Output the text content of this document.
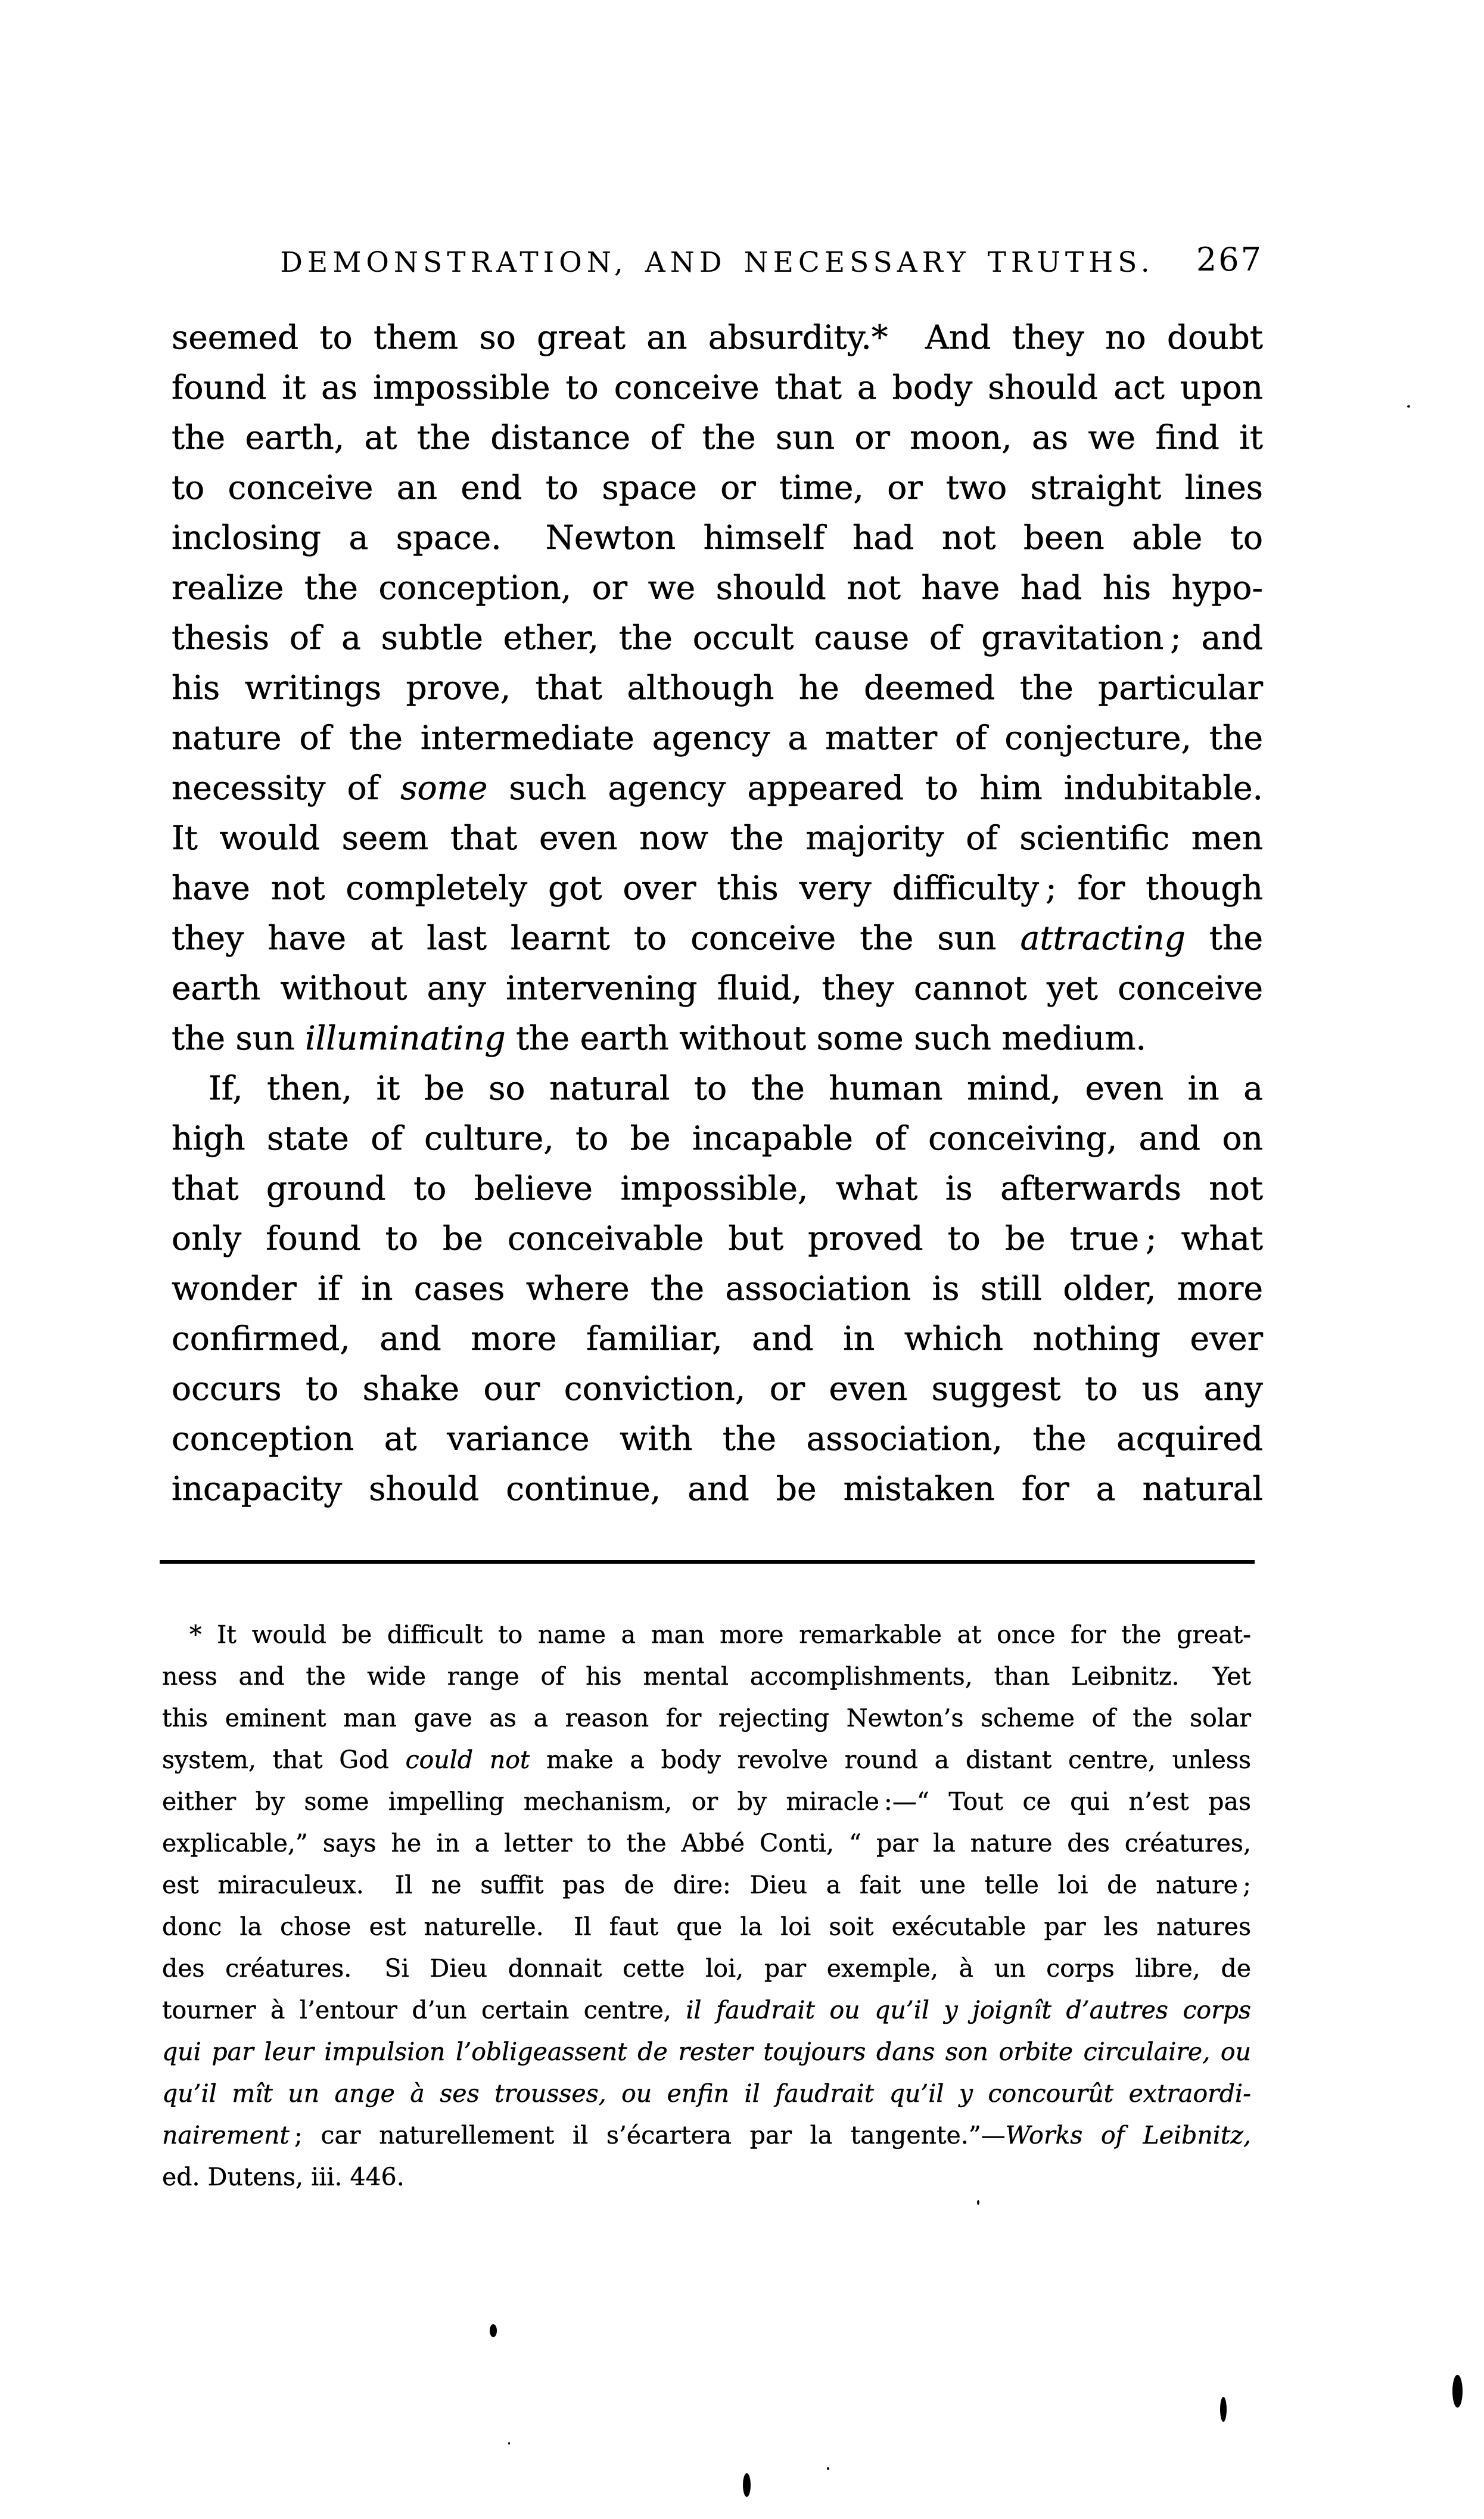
DEMONSTRATION, AND NECESSARY TRUTHS.	267
seemed to them so great an absurdity.*  And they no doubt
found it as impossible to conceive that a body should act upon
the earth, at the distance of the sun or moon, as we find it
to conceive an end to space or time, or two straight lines
inclosing a space.  Newton himself had not been able to
realize the conception, or we should not have had his hypo-
thesis of a subtle ether, the occult cause of gravitation ; and
his writings prove, that although he deemed the particular
nature of the intermediate agency a matter of conjecture, the
necessity of some such agency appeared to him indubitable.
It would seem that even now the majority of scientific men
have not completely got over this very difficulty ; for though
they have at last learnt to conceive the sun attracting the
earth without any intervening fluid, they cannot yet conceive
the sun illuminating the earth without some such medium.
If, then, it be so natural to the human mind, even in a
high state of culture, to be incapable of conceiving, and on
that ground to believe impossible, what is afterwards not
only found to be conceivable but proved to be true ; what
wonder if in cases where the association is still older, more
confirmed, and more familiar, and in which nothing ever
occurs to shake our conviction, or even suggest to us any
conception at variance with the association, the acquired
incapacity should continue, and be mistaken for a natural
* It would be difficult to name a man more remarkable at once for the great-
ness and the wide range of his mental accomplishments, than Leibnitz.  Yet
this eminent man gave as a reason for rejecting Newton’s scheme of the solar
system, that God could not make a body revolve round a distant centre, unless
either by some impelling mechanism, or by miracle :—“ Tout ce qui n’est pas
explicable,” says he in a letter to the Abbé Conti, “ par la nature des créatures,
est miraculeux.  Il ne suffit pas de dire: Dieu a fait une telle loi de nature ;
donc la chose est naturelle.  Il faut que la loi soit exécutable par les natures
des créatures.  Si Dieu donnait cette loi, par exemple, à un corps libre, de
tourner à l’entour d’un certain centre, il faudrait ou qu’il y joignît d’autres corps
qui par leur impulsion l’obligeassent de rester toujours dans son orbite circulaire, ou
qu’il mît un ange à ses trousses, ou enfin il faudrait qu’il y concourût extraordi-
nairement ; car naturellement il s’écartera par la tangente.”—Works of Leibnitz,
ed. Dutens, iii. 446.
